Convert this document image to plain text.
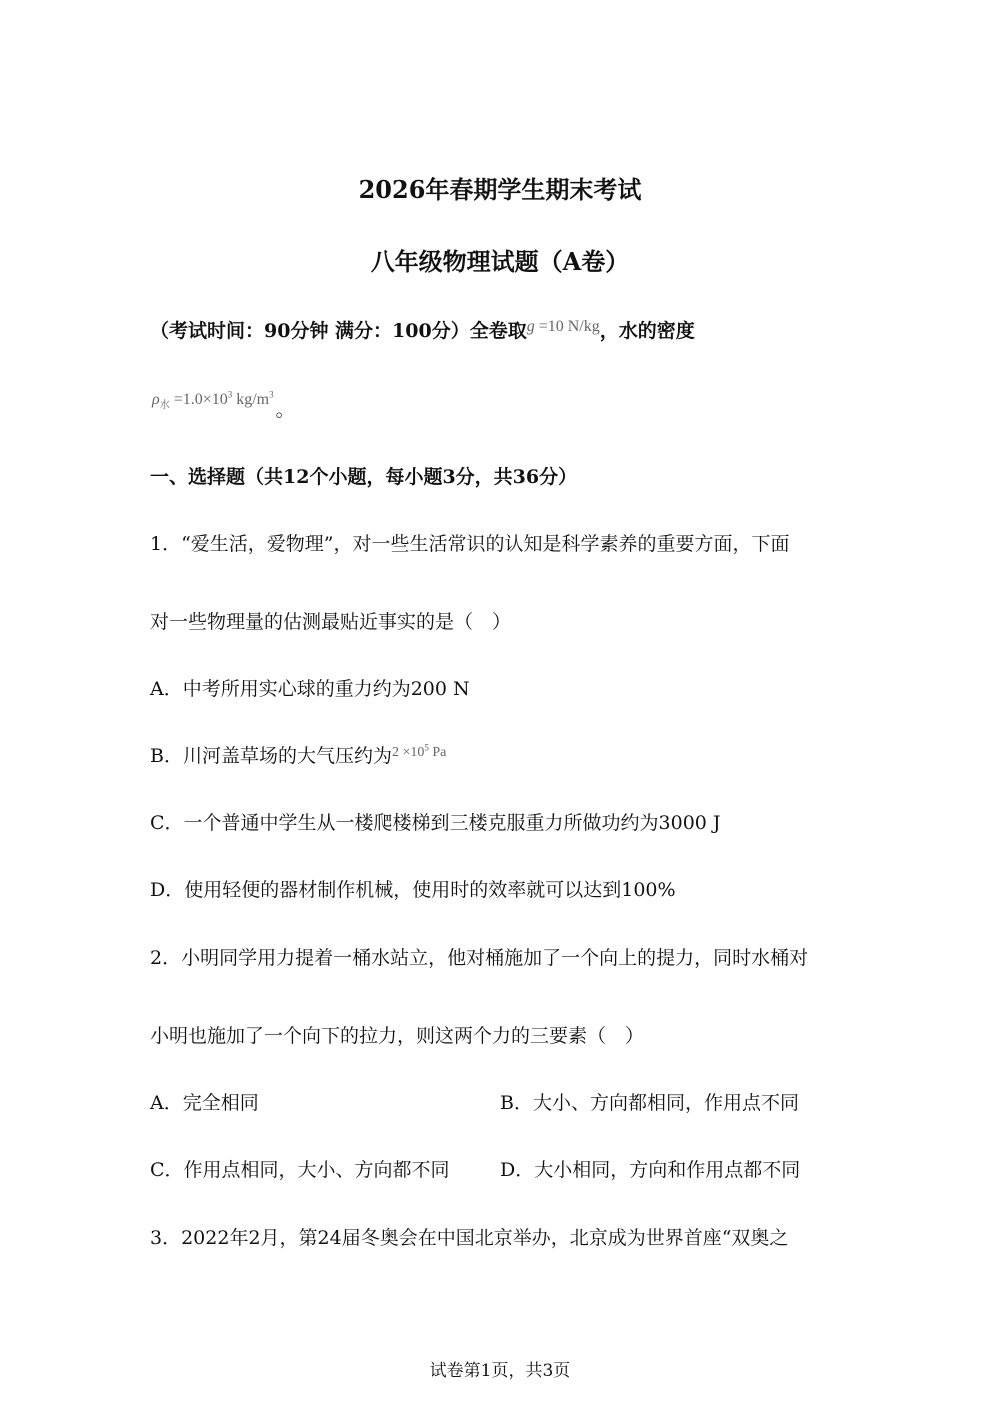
2026年春期学生期末考试
八年级物理试题（A卷）
（考试时间：90分钟 满分：100分）全卷取$^{g =10 N/kg}$，水的密度
$\rho_水 =1.0\times 10^3$ $kg/m^3$。
一、选择题（共12个小题，每小题3分，共36分）
1．“爱生活，爱物理”，对一些生活常识的认知是科学素养的重要方面，下面
对一些物理量的估测最贴近事实的是（　）
A．中考所用实心球的重力约为200 N
B．川河盖草场的大气压约为$^{2 \times 10^5 Pa}$
C．一个普通中学生从一楼爬楼梯到三楼克服重力所做功约为3000 J
D．使用轻便的器材制作机械，使用时的效率就可以达到100%
2．小明同学用力提着一桶水站立，他对桶施加了一个向上的提力，同时水桶对
小明也施加了一个向下的拉力，则这两个力的三要素（　）
A．完全相同	B．大小、方向都相同，作用点不同
C．作用点相同，大小、方向都不同	D．大小相同，方向和作用点都不同
3．2022年2月，第24届冬奥会在中国北京举办，北京成为世界首座“双奥之
试卷第1页，共3页
